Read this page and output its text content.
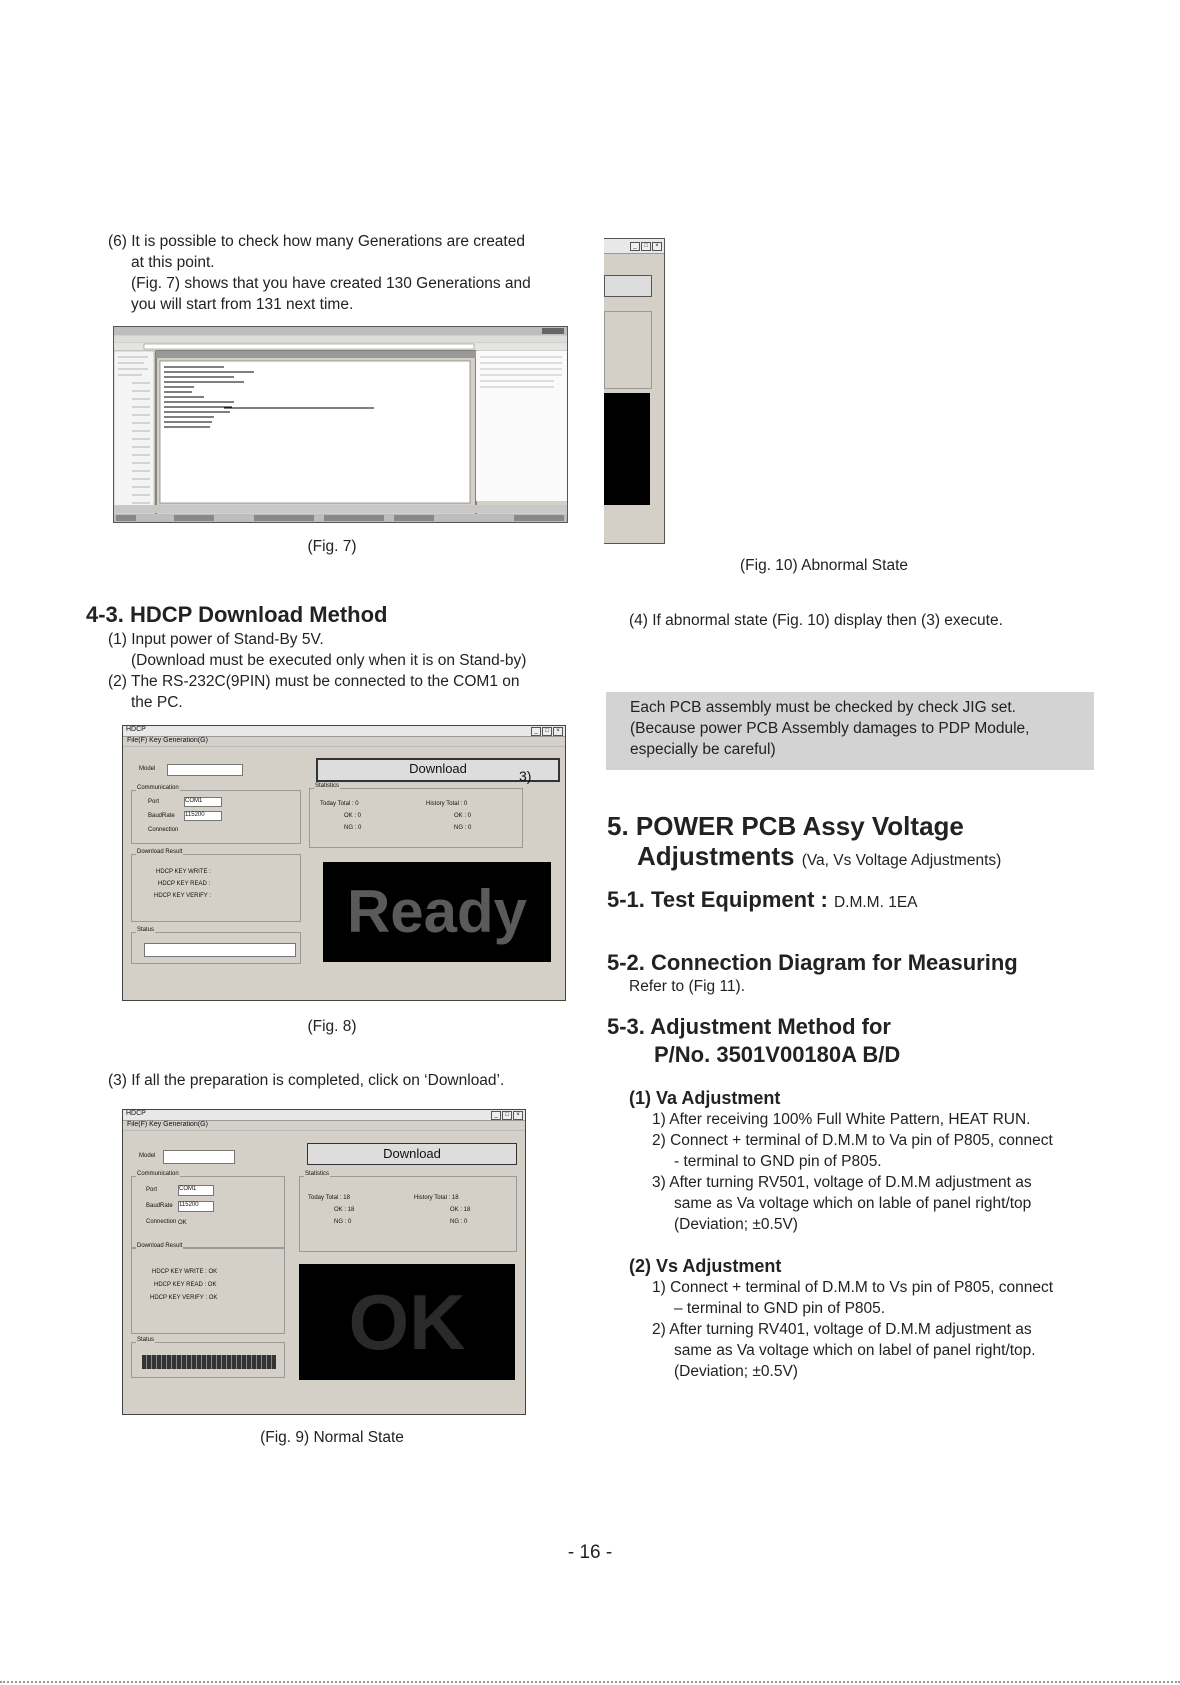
(6) It is possible to check how many Generations are created
at this point.
(Fig. 7) shows that you have created 130 Generations and
you will start from 131 next time.
(Fig. 7)
4-3. HDCP Download Method
(1) Input power of Stand-By 5V.
(Download must be executed only when it is on Stand-by)
(2) The RS-232C(9PIN) must be connected to the COM1 on
the PC.
HDCP	_	□	×
File(F) Key Generation(G)
Model	Download	3)
Communication
Port	COM1
BaudRate 115200
Connection
Statistics
Today Total : 0
OK : 0
NG : 0
History Total : 0
OK : 0
NG : 0
Download Result
HDCP KEY WRITE :
HDCP KEY READ :
HDCP KEY VERIFY :
Status	Ready
(Fig. 8)
(3) If all the preparation is completed, click on ‘Download’.
HDCP	_	□	×
File(F) Key Generation(G)
Model	Download
Communication
Port	COM1
BaudRate 115200
Connection OK
Statistics
Today Total : 18
OK : 18
NG : 0
History Total : 18
OK : 18
NG : 0
Download Result
HDCP KEY WRITE : OK
HDCP KEY READ : OK
HDCP KEY VERIFY : OK
Status	OK
(Fig. 9) Normal State
_	□	×
(Fig. 10) Abnormal State
(4) If abnormal state (Fig. 10) display then (3) execute.
Each PCB assembly must be checked by check JIG set.
(Because power PCB Assembly damages to PDP Module,
especially be careful)
5. POWER PCB Assy Voltage
Adjustments (Va, Vs Voltage Adjustments)
5-1. Test Equipment : D.M.M. 1EA
5-2. Connection Diagram for Measuring
Refer to (Fig 11).
5-3. Adjustment Method for
P/No. 3501V00180A B/D
(1) Va Adjustment
1) After receiving 100% Full White Pattern, HEAT RUN.
2) Connect + terminal of D.M.M to Va pin of P805, connect
- terminal to GND pin of P805.
3) After turning RV501, voltage of D.M.M adjustment as
same as Va voltage which on lable of panel right/top
(Deviation; ±0.5V)
(2) Vs Adjustment
1) Connect + terminal of D.M.M to Vs pin of P805, connect
– terminal to GND pin of P805.
2) After turning RV401, voltage of D.M.M adjustment as
same as Va voltage which on label of panel right/top.
(Deviation; ±0.5V)
- 16 -
